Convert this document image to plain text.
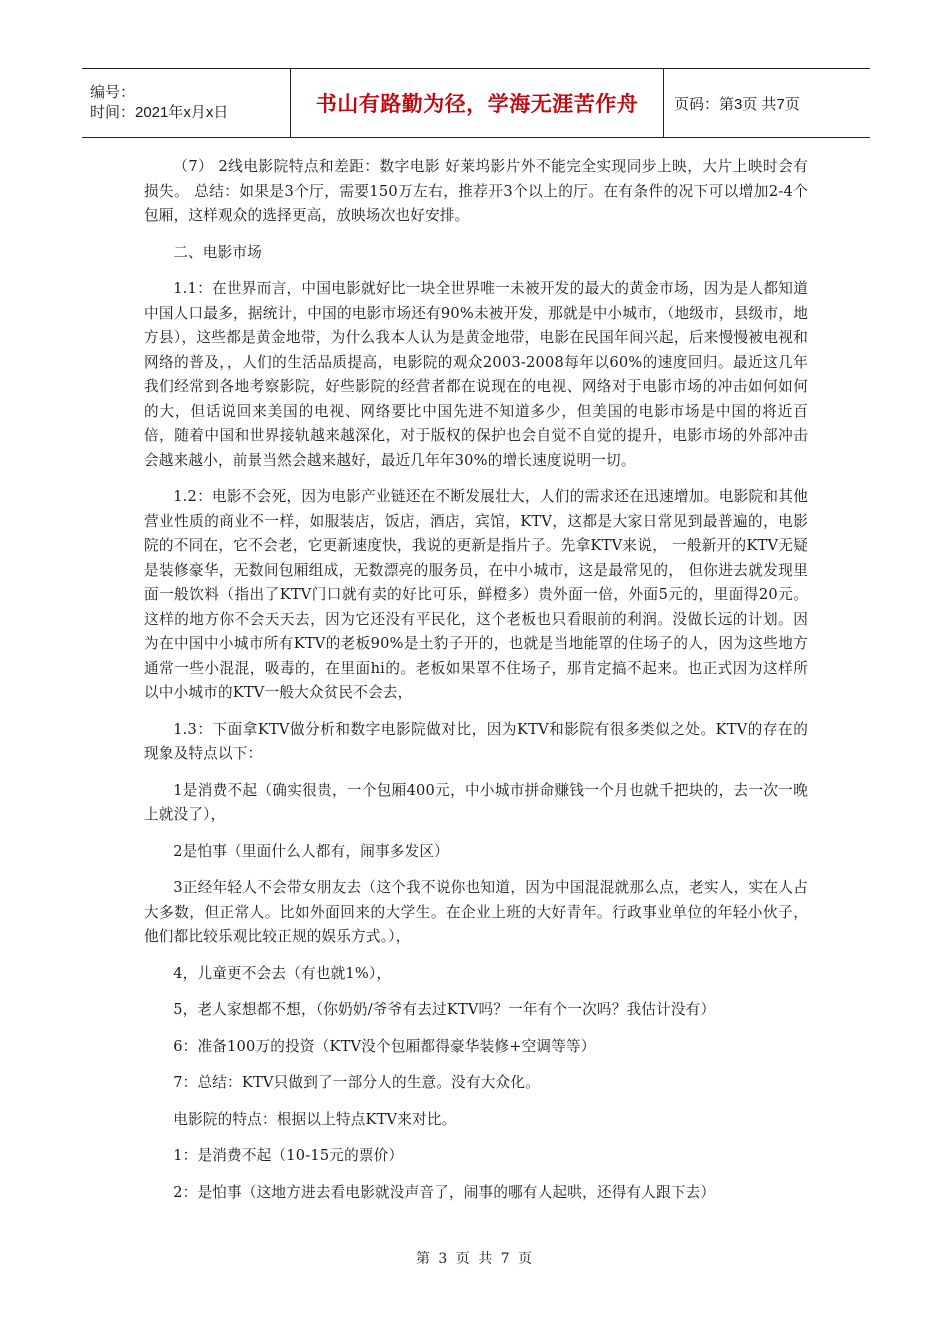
编号：
时间：2021年x月x日	书山有路勤为径，学海无涯苦作舟 页码：第3页 共7页

（7） 2线电影院特点和差距：数字电影 好莱坞影片外不能完全实现同步上映，大片上映时会有损失。 总结：如果是3个厅，需要150万左右，推荐开3个以上的厅。在有条件的况下可以增加2-4个包厢，这样观众的选择更高，放映场次也好安排。

二、电影市场

1.1：在世界而言，中国电影就好比一块全世界唯一未被开发的最大的黄金市场，因为是人都知道中国人口最多，据统计，中国的电影市场还有90%未被开发，那就是中小城市，（地级市，县级市，地方县），这些都是黄金地带，为什么我本人认为是黄金地带，电影在民国年间兴起，后来慢慢被电视和网络的普及，，人们的生活品质提高，电影院的观众2003-2008每年以60%的速度回归。最近这几年我们经常到各地考察影院，好些影院的经营者都在说现在的电视、网络对于电影市场的冲击如何如何的大，但话说回来美国的电视、网络要比中国先进不知道多少，但美国的电影市场是中国的将近百倍，随着中国和世界接轨越来越深化，对于版权的保护也会自觉不自觉的提升，电影市场的外部冲击会越来越小，前景当然会越来越好，最近几年年30%的增长速度说明一切。

1.2：电影不会死，因为电影产业链还在不断发展壮大，人们的需求还在迅速增加。电影院和其他营业性质的商业不一样，如服装店，饭店，酒店，宾馆，KTV，这都是大家日常见到最普遍的，电影院的不同在，它不会老，它更新速度快，我说的更新是指片子。先拿KTV来说， 一般新开的KTV无疑是装修豪华，无数间包厢组成，无数漂亮的服务员，在中小城市，这是最常见的， 但你进去就发现里面一般饮料（指出了KTV门口就有卖的好比可乐，鲜橙多）贵外面一倍，外面5元的，里面得20元。这样的地方你不会天天去，因为它还没有平民化，这个老板也只看眼前的利润。没做长远的计划。因为在中国中小城市所有KTV的老板90%是土豹子开的，也就是当地能罩的住场子的人，因为这些地方通常一些小混混，吸毒的，在里面hi的。老板如果罩不住场子，那肯定搞不起来。也正式因为这样所以中小城市的KTV一般大众贫民不会去，

1.3：下面拿KTV做分析和数字电影院做对比，因为KTV和影院有很多类似之处。KTV的存在的现象及特点以下：

1是消费不起（确实很贵，一个包厢400元，中小城市拼命赚钱一个月也就千把块的，去一次一晚上就没了），

2是怕事（里面什么人都有，闹事多发区）

3正经年轻人不会带女朋友去（这个我不说你也知道，因为中国混混就那么点，老实人，实在人占大多数，但正常人。比如外面回来的大学生。在企业上班的大好青年。行政事业单位的年轻小伙子，他们都比较乐观比较正规的娱乐方式。），

4，儿童更不会去（有也就1%），

5，老人家想都不想，（你奶奶/爷爷有去过KTV吗？一年有个一次吗？我估计没有）

6：准备100万的投资（KTV没个包厢都得豪华装修+空调等等）

7：总结：KTV只做到了一部分人的生意。没有大众化。

电影院的特点：根据以上特点KTV来对比。

1：是消费不起（10-15元的票价）

2：是怕事（这地方进去看电影就没声音了，闹事的哪有人起哄，还得有人跟下去）

第 3 页 共 7 页
